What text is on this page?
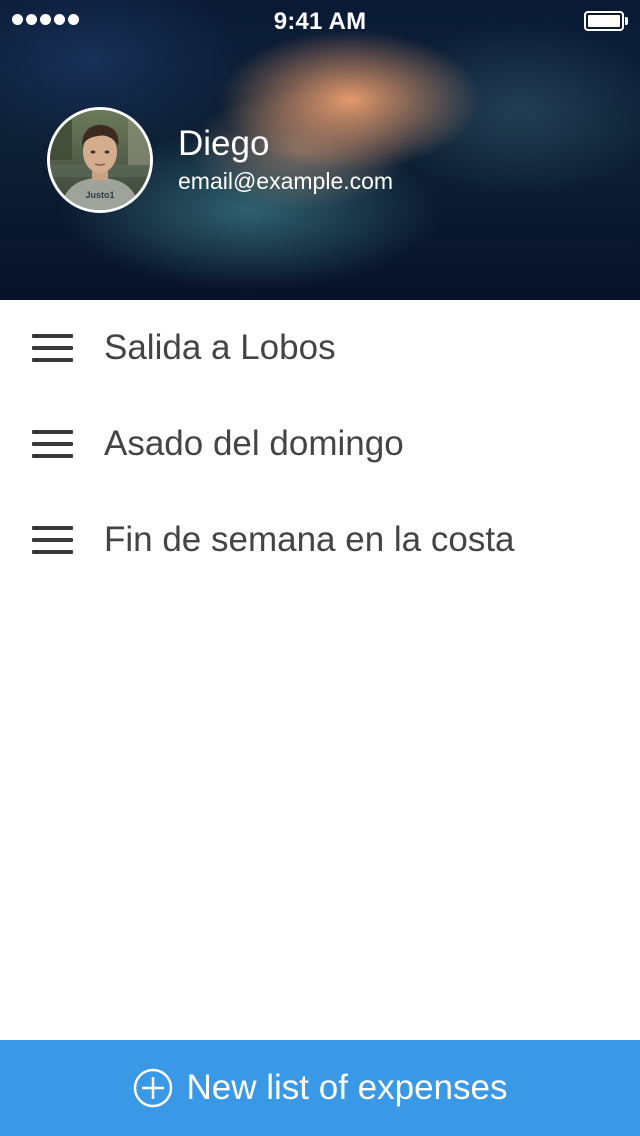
9:41 AM
Justo1
Diego
email@example.com
Salida a Lobos
Asado del domingo
Fin de semana en la costa
New list of expenses
